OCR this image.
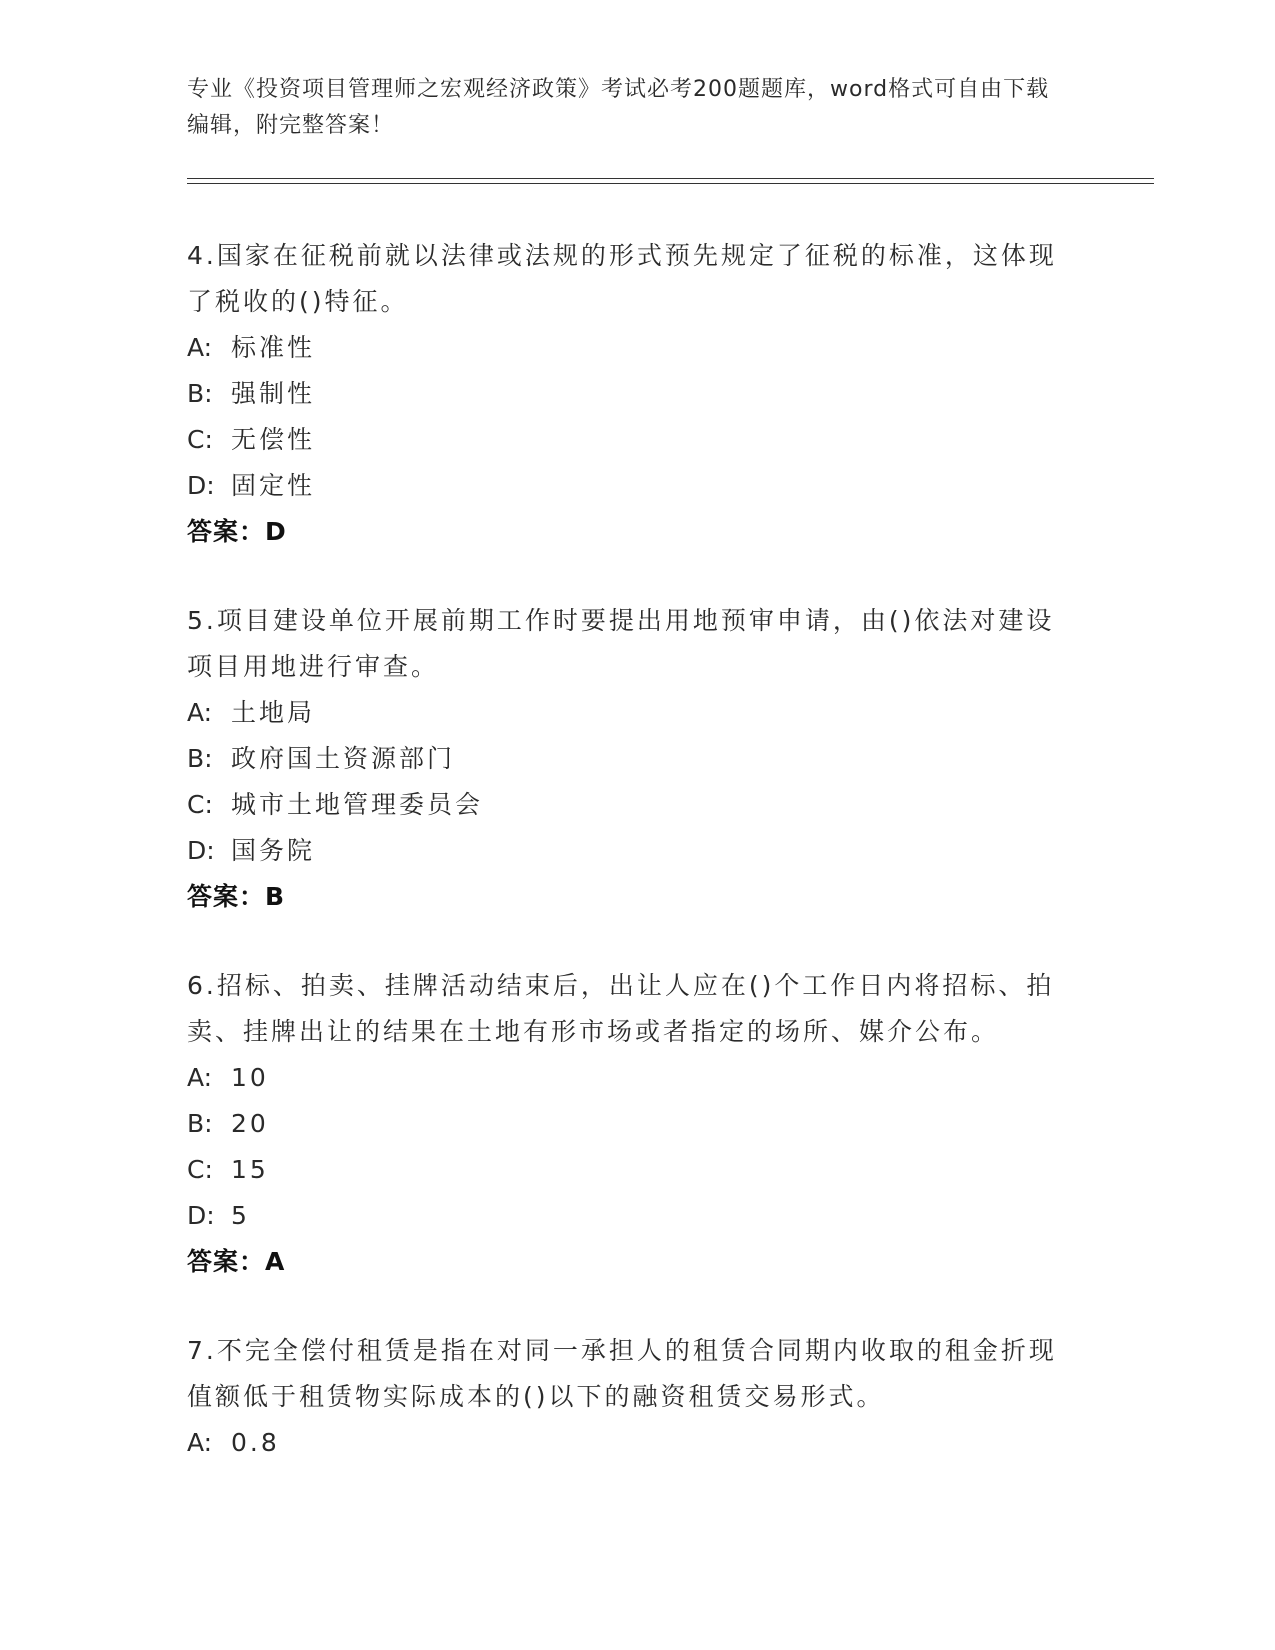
专业《投资项目管理师之宏观经济政策》考试必考200题题库，word格式可自由下载编辑，附完整答案！

4.国家在征税前就以法律或法规的形式预先规定了征税的标准，这体现了税收的()特征。

A: 标准性

B: 强制性

C: 无偿性

D: 固定性

答案：D

5.项目建设单位开展前期工作时要提出用地预审申请，由()依法对建设项目用地进行审查。

A: 土地局

B: 政府国土资源部门

C: 城市土地管理委员会

D: 国务院

答案：B

6.招标、拍卖、挂牌活动结束后，出让人应在()个工作日内将招标、拍卖、挂牌出让的结果在土地有形市场或者指定的场所、媒介公布。

A: 10

B: 20

C: 15

D: 5

答案：A

7.不完全偿付租赁是指在对同一承担人的租赁合同期内收取的租金折现值额低于租赁物实际成本的()以下的融资租赁交易形式。

A: 0.8
